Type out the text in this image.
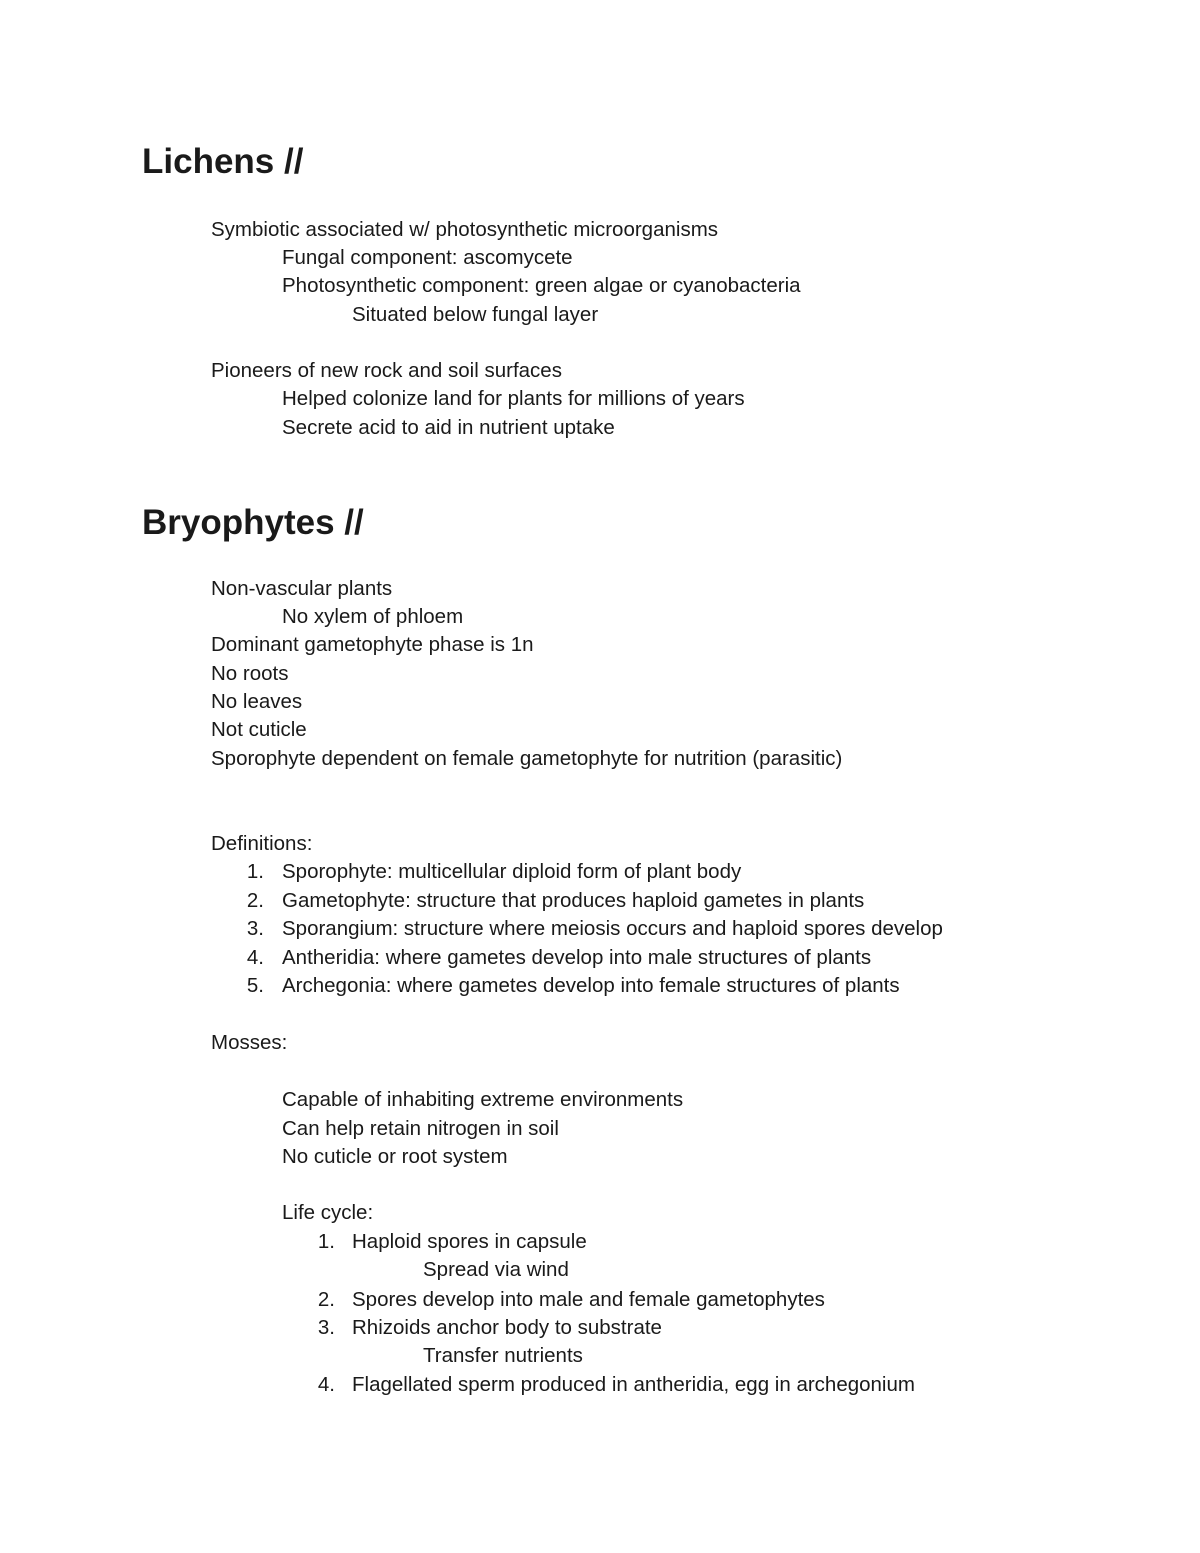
Lichens //

Symbiotic associated w/ photosynthetic microorganisms

Fungal component: ascomycete

Photosynthetic component: green algae or cyanobacteria

Situated below fungal layer

Pioneers of new rock and soil surfaces

Helped colonize land for plants for millions of years

Secrete acid to aid in nutrient uptake

Bryophytes //

Non-vascular plants

No xylem of phloem

Dominant gametophyte phase is 1n

No roots

No leaves

Not cuticle

Sporophyte dependent on female gametophyte for nutrition (parasitic)

Definitions:

1. Sporophyte: multicellular diploid form of plant body

2. Gametophyte: structure that produces haploid gametes in plants

3. Sporangium: structure where meiosis occurs and haploid spores develop

4. Antheridia: where gametes develop into male structures of plants

5. Archegonia: where gametes develop into female structures of plants

Mosses:

Capable of inhabiting extreme environments

Can help retain nitrogen in soil

No cuticle or root system

Life cycle:

1. Haploid spores in capsule

Spread via wind

2. Spores develop into male and female gametophytes

3. Rhizoids anchor body to substrate

Transfer nutrients

4. Flagellated sperm produced in antheridia, egg in archegonium
